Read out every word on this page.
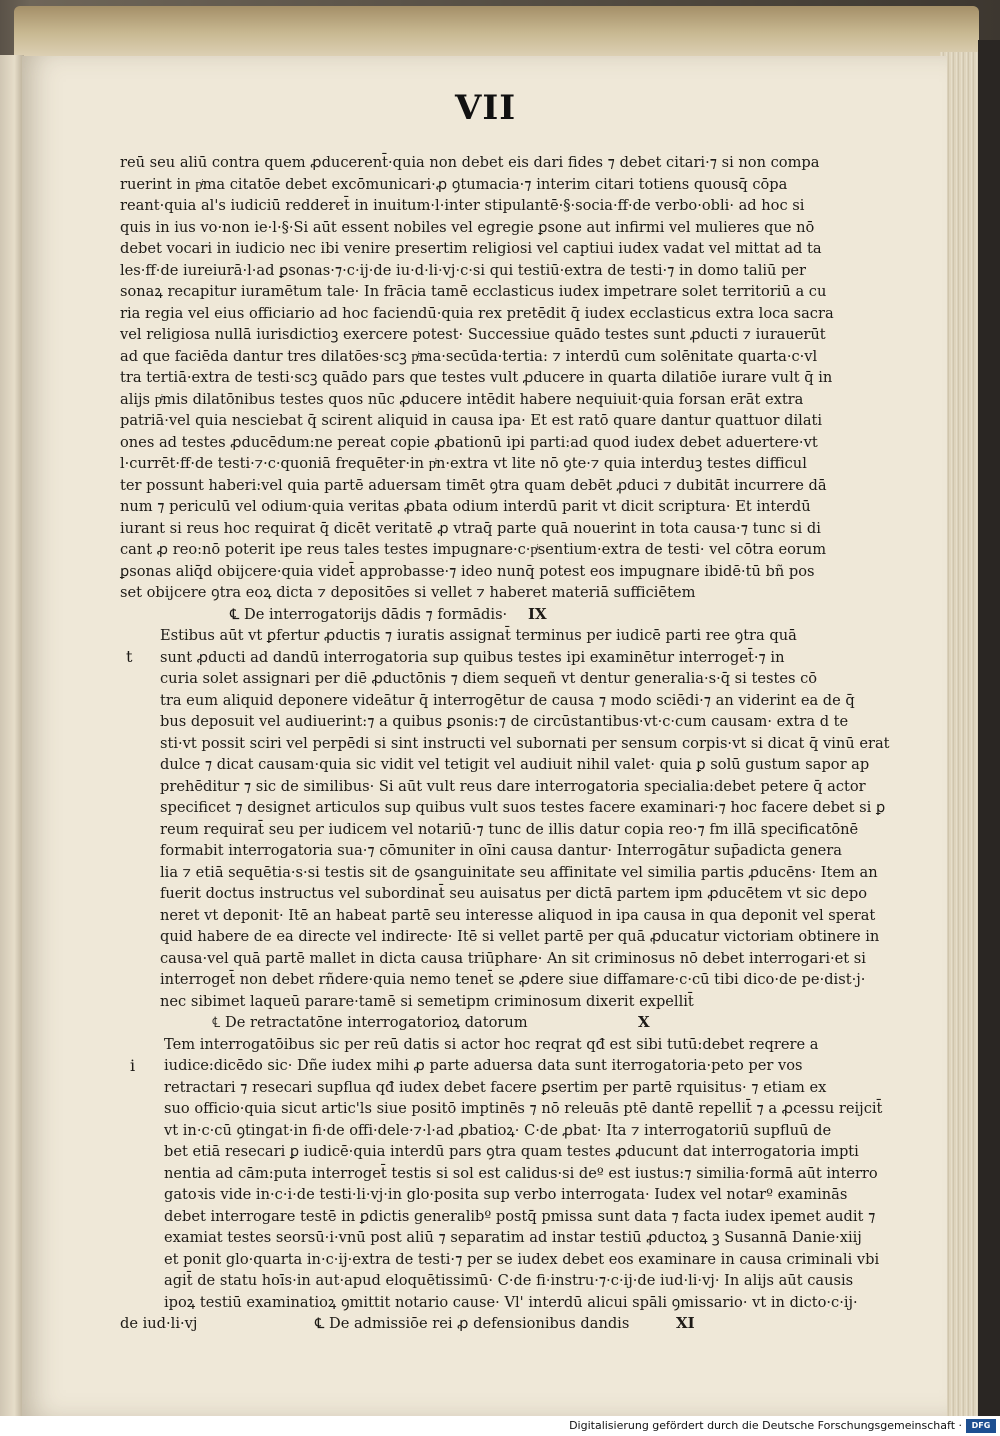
VII
reū seu aliū contra quem ꝓducerent̄·quia non debet eis dari fides ⁊ debet citari·⁊ si non compa
ruerint in pͥma citatōe debet excōmunicari·ꝓ ꝯtumacia·⁊ interim citari totiens quousq̄ cōpa
reant·quia al's iudiciū redderet̄ in inuitum·l·inter stipulantē·§·socia·ff·de verbo·obli· ad hoc si
quis in ius vo·non ie·l·§·Si aūt essent nobiles vel egregie ꝑsone aut infirmi vel mulieres que nō
debet vocari in iudicio nec ibi venire presertim religiosi vel captiui iudex vadat vel mittat ad ta
les·ff·de iureiurā·l·ad ꝑsonas·⁊·c·ij·de iu·d·li·vj·c·si qui testiū·extra de testi·⁊ in domo taliū per
sonaꝝ recapitur iuramētum tale· In frācia tamē ecclasticus iudex impetrare solet territoriū a cu
ria regia vel eius officiario ad hoc faciendū·quia rex pretēdit q̄ iudex ecclasticus extra loca sacra
vel religiosa nullā iurisdictioꝫ exercere potest· Successiue quādo testes sunt ꝓducti ⁊ iurauerūt
ad que faciēda dantur tres dilatōes·scꝫ pͥma·secūda·tertia: ⁊ interdū cum solēnitate quarta·c·vl
tra tertiā·extra de testi·scꝫ quādo pars que testes vult ꝓducere in quarta dilatiōe iurare vult q̄ in
alijs pͥmis dilatōnibus testes quos nūc ꝓducere intēdit habere nequiuit·quia forsan erāt extra
patriā·vel quia nesciebat q̄ scirent aliquid in causa ipa· Et est ratō quare dantur quattuor dilati
ones ad testes ꝓducēdum:ne pereat copie ꝓbationū ipi parti:ad quod iudex debet aduertere·vt
l·currēt·ff·de testi·⁊·c·quoniā frequēter·in pͥn·extra vt lite nō ꝯte·⁊ quia interduꝫ testes difficul
ter possunt haberi:vel quia partē aduersam timēt ꝯtra quam debēt ꝓduci ⁊ dubitāt incurrere dā
num ⁊ periculū vel odium·quia veritas ꝓbata odium interdū parit vt dicit scriptura· Et interdū
iurant si reus hoc requirat q̄ dicēt veritatē ꝓ vtraq̄ parte quā nouerint in tota causa·⁊ tunc si di
cant ꝓ reo:nō poterit ipe reus tales testes impugnare·c·pͥsentium·extra de testi· vel cōtra eorum
ꝑsonas aliq̄d obijcere·quia videt̄ approbasse·⁊ ideo nunq̄ potest eos impugnare ibidē·tū bñ pos
set obijcere ꝯtra eoꝝ dicta ⁊ depositōes si vellet ⁊ haberet materiā sufficiētem
℄ De interrogatorijs dādis ⁊ formādis· IX
t
Estibus aūt vt ꝑfertur ꝓductis ⁊ iuratis assignat̄ terminus per iudicē parti ree ꝯtra quā
sunt ꝓducti ad dandū interrogatoria sup quibus testes ipi examinētur interroget̄·⁊ in
curia solet assignari per diē ꝓductōnis ⁊ diem sequeñ vt dentur generalia·s·q̄ si testes cō
tra eum aliquid deponere videātur q̄ interrogētur de causa ⁊ modo sciēdi·⁊ an viderint ea de q̄
bus deposuit vel audiuerint:⁊ a quibus ꝑsonis:⁊ de circūstantibus·vt·c·cum causam· extra d te
sti·vt possit sciri vel perpēdi si sint instructi vel subornati per sensum corpis·vt si dicat q̄ vinū erat
dulce ⁊ dicat causam·quia sic vidit vel tetigit vel audiuit nihil valet· quia ꝑ solū gustum sapor ap
prehēditur ⁊ sic de similibus· Si aūt vult reus dare interrogatoria specialia:debet petere q̄ actor
specificet ⁊ designet articulos sup quibus vult suos testes facere examinari·⁊ hoc facere debet si ꝑ
reum requirat̄ seu per iudicem vel notariū·⁊ tunc de illis datur copia reo·⁊ fm illā specificatōnē
formabit interrogatoria sua·⁊ cōmuniter in oīni causa dantur· Interrogātur sup̄adicta genera
lia ⁊ etiā sequētia·s·si testis sit de ꝯsanguinitate seu affinitate vel similia partis ꝓducēns· Item an
fuerit doctus instructus vel subordinat̄ seu auisatus per dictā partem ipm ꝓducētem vt sic depo
neret vt deponit· Itē an habeat partē seu interesse aliquod in ipa causa in qua deponit vel sperat
quid habere de ea directe vel indirecte· Itē si vellet partē per quā ꝓducatur victoriam obtinere in
causa·vel quā partē mallet in dicta causa triūphare· An sit criminosus nō debet interrogari·et si
interroget̄ non debet rñdere·quia nemo tenet̄ se ꝓdere siue diffamare·c·cū tibi dico·de pe·dist·j·
nec sibimet laqueū parare·tamē si semetipm criminosum dixerit expellit̄
℄ De retractatōne interrogatorioꝝ datorum	X
i
Tem interrogatōibus sic per reū datis si actor hoc reqrat qđ est sibi tutū:debet reqrere a
iudice:dicēdo sic· Dñe iudex mihi ꝓ parte aduersa data sunt iterrogatoria·peto per vos
retractari ⁊ resecari supflua qđ iudex debet facere ꝑsertim per partē rquisitus· ⁊ etiam ex
suo officio·quia sicut artic'ls siue positō imptinēs ⁊ nō releuās ptē dantē repellit̄ ⁊ a ꝓcessu reijcit̄
vt in·c·cū ꝯtingat·in fi·de offi·dele·⁊·l·ad ꝓbatioꝝ· C·de ꝓbat· Ita ⁊ interrogatoriū supfluū de
bet etiā resecari ꝑ iudicē·quia interdū pars ꝯtra quam testes ꝓducunt dat interrogatoria impti
nentia ad cām:puta interroget̄ testis si sol est calidus·si deº est iustus:⁊ similia·formā aūt interro
gatoꝛis vide in·c·i·de testi·li·vj·in glo·posita sup verbo interrogata· Iudex vel notarº examinās
debet interrogare testē in ꝑdictis generalibº postq̄ pmissa sunt data ⁊ facta iudex ipemet audit ⁊
examiat testes seorsū·i·vnū post aliū ⁊ separatim ad instar testiū ꝓductoꝝ ꝫ Susannā Danie·xiij
et ponit glo·quarta in·c·ij·extra de testi·⁊ per se iudex debet eos examinare in causa criminali vbi
agit̄ de statu hoīs·in aut·apud eloquētissimū· C·de fi·instru·⁊·c·ij·de iud·li·vj· In alijs aūt causis
ipoꝝ testiū examinatioꝝ ꝯmittit notario cause· Vl' interdū alicui spāli ꝯmissario· vt in dicto·c·ij·
de iud·li·vj	℄ De admissiōe rei ꝓ defensionibus dandis	XI
Digitalisierung gefördert durch die Deutsche Forschungsgemeinschaft ·	DFG
